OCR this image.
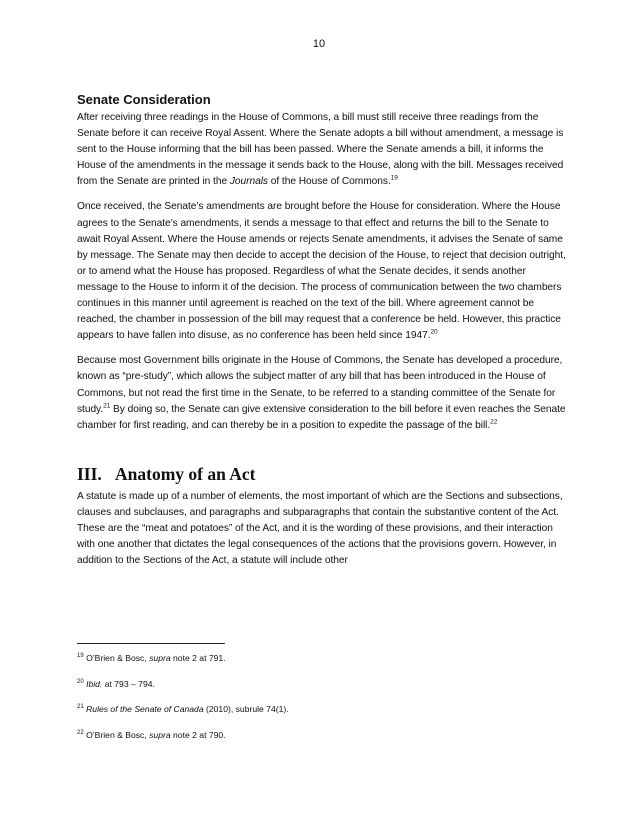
10
Senate Consideration

After receiving three readings in the House of Commons, a bill must still receive three readings from the Senate before it can receive Royal Assent. Where the Senate adopts a bill without amendment, a message is sent to the House informing that the bill has been passed. Where the Senate amends a bill, it informs the House of the amendments in the message it sends back to the House, along with the bill. Messages received from the Senate are printed in the Journals of the House of Commons.$^{19}$

Once received, the Senate’s amendments are brought before the House for consideration. Where the House agrees to the Senate’s amendments, it sends a message to that effect and returns the bill to the Senate to await Royal Assent. Where the House amends or rejects Senate amendments, it advises the Senate of same by message. The Senate may then decide to accept the decision of the House, to reject that decision outright, or to amend what the House has proposed. Regardless of what the Senate decides, it sends another message to the House to inform it of the decision. The process of communication between the two chambers continues in this manner until agreement is reached on the text of the bill. Where agreement cannot be reached, the chamber in possession of the bill may request that a conference be held. However, this practice appears to have fallen into disuse, as no conference has been held since 1947.20

Because most Government bills originate in the House of Commons, the Senate has developed a procedure, known as “pre-study”, which allows the subject matter of any bill that has been introduced in the House of Commons, but not read the first time in the Senate, to be referred to a standing committee of the Senate for study.$^{21}$ By doing so, the Senate can give extensive consideration to the bill before it even reaches the Senate chamber for first reading, and can thereby be in a position to expedite the passage of the bill.$^{22}$

III. Anatomy of an Act

A statute is made up of a number of elements, the most important of which are the Sections and subsections, clauses and subclauses, and paragraphs and subparagraphs that contain the substantive content of the Act. These are the “meat and potatoes” of the Act, and it is the wording of these provisions, and their interaction with one another that dictates the legal consequences of the actions that the provisions govern. However, in addition to the Sections of the Act, a statute will include other

$^{19}$ O’Brien & Bosc, supra note 2 at 791.
$^{20}$ Ibid. at 793 – 794.
$^{21}$ Rules of the Senate of Canada (2010), subrule 74(1).
$^{22}$ O’Brien & Bosc, supra note 2 at 790.
